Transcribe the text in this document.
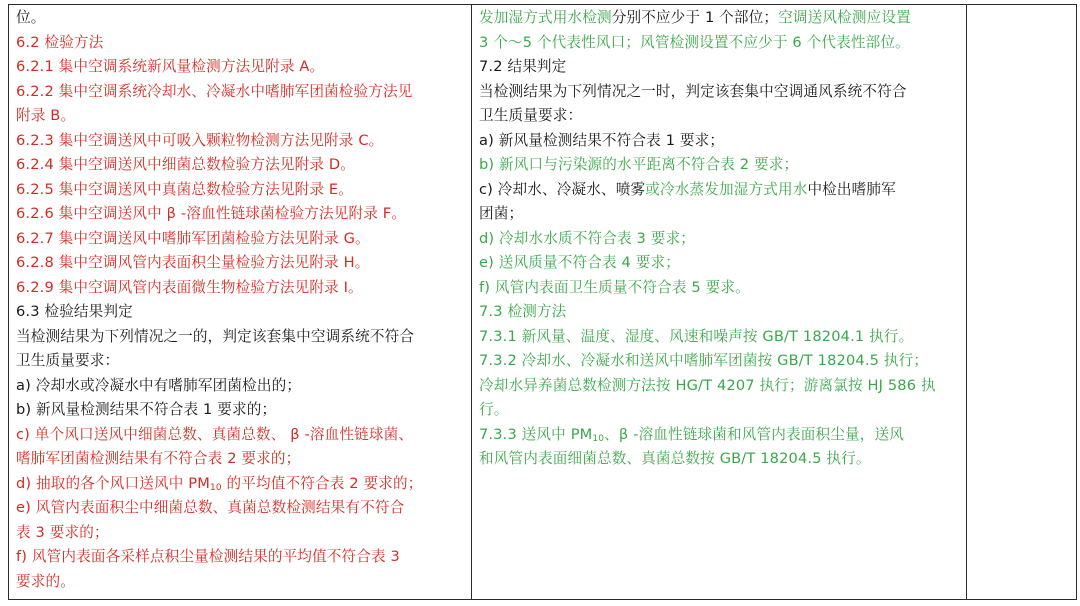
位。
6.2 检验方法
6.2.1 集中空调系统新风量检测方法见附录 A。
6.2.2 集中空调系统冷却水、冷凝水中嗜肺军团菌检验方法见
附录 B。
6.2.3 集中空调送风中可吸入颗粒物检测方法见附录 C。
6.2.4 集中空调送风中细菌总数检验方法见附录 D。
6.2.5 集中空调送风中真菌总数检验方法见附录 E。
6.2.6 集中空调送风中 β -溶血性链球菌检验方法见附录 F。
6.2.7 集中空调送风中嗜肺军团菌检验方法见附录 G。
6.2.8 集中空调风管内表面积尘量检验方法见附录 H。
6.2.9 集中空调风管内表面微生物检验方法见附录 I。
6.3 检验结果判定
当检测结果为下列情况之一的，判定该套集中空调系统不符合
卫生质量要求：
a) 冷却水或冷凝水中有嗜肺军团菌检出的；
b) 新风量检测结果不符合表 1 要求的；
c) 单个风口送风中细菌总数、真菌总数、 β -溶血性链球菌、
嗜肺军团菌检测结果有不符合表 2 要求的；
d) 抽取的各个风口送风中 $PM_{10}$ 的平均值不符合表 2 要求的；
e) 风管内表面积尘中细菌总数、真菌总数检测结果有不符合
表 3 要求的；
f) 风管内表面各采样点积尘量检测结果的平均值不符合表 3
要求的。

发加湿方式用水检测分别不应少于 1 个部位；空调送风检测应设置
3 个～5 个代表性风口；风管检测设置不应少于 6 个代表性部位。
7.2 结果判定
当检测结果为下列情况之一时，判定该套集中空调通风系统不符合
卫生质量要求：
a) 新风量检测结果不符合表 1 要求；
b) 新风口与污染源的水平距离不符合表 2 要求；
c) 冷却水、冷凝水、喷雾或冷水蒸发加湿方式用水中检出嗜肺军
团菌；
d) 冷却水水质不符合表 3 要求；
e) 送风质量不符合表 4 要求；
f) 风管内表面卫生质量不符合表 5 要求。
7.3 检测方法
7.3.1 新风量、温度、湿度、风速和噪声按 GB/T 18204.1 执行。
7.3.2 冷却水、冷凝水和送风中嗜肺军团菌按 GB/T 18204.5 执行；
冷却水异养菌总数检测方法按 HG/T 4207 执行；游离氯按 HJ 586 执
行。
7.3.3 送风中 $PM_{10}$、β -溶血性链球菌和风管内表面积尘量，送风
和风管内表面细菌总数、真菌总数按 GB/T 18204.5 执行。
